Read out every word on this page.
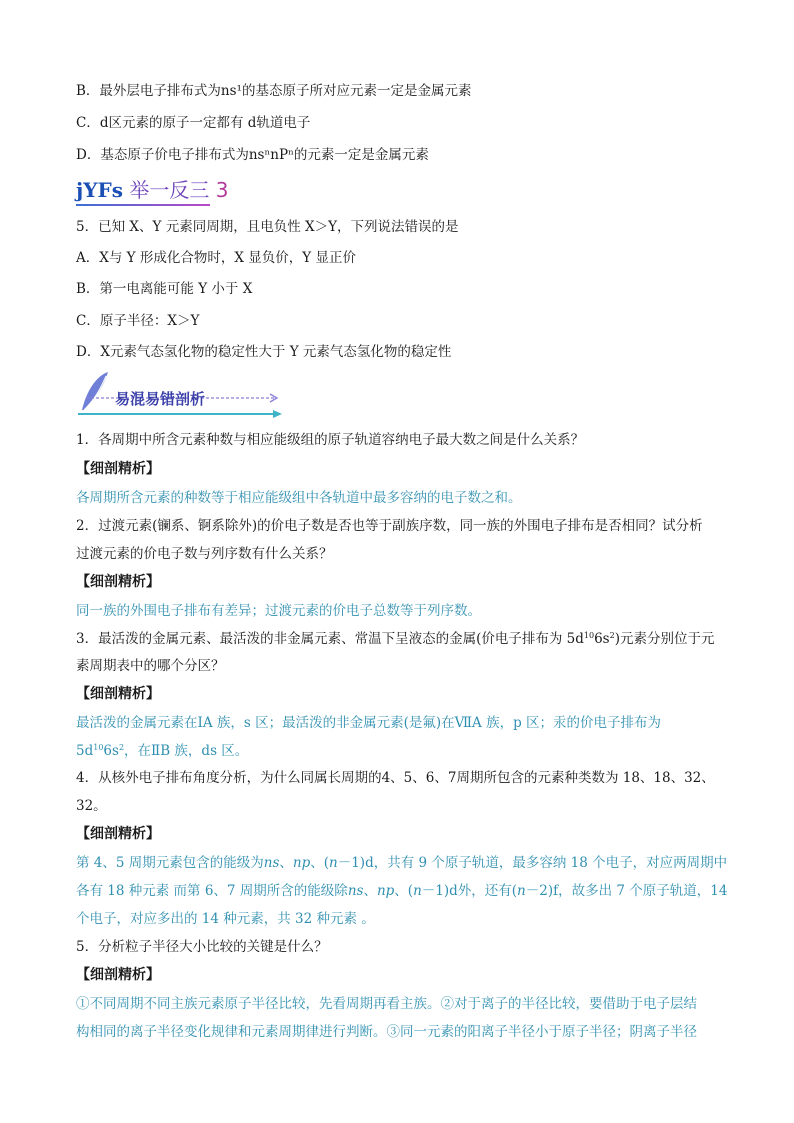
B．最外层电子排布式为ns¹的基态原子所对应元素一定是金属元素
C．d区元素的原子一定都有 d轨道电子
D．基态原子价电子排布式为nsⁿnPⁿ的元素一定是金属元素
jYFs 举一反三 3
5．已知 X、Y 元素同周期，且电负性 X＞Y，下列说法错误的是
A．X与 Y 形成化合物时，X 显负价，Y 显正价
B．第一电离能可能 Y 小于 X
C．原子半径：X＞Y
D．X元素气态氢化物的稳定性大于 Y 元素气态氢化物的稳定性
易混易错剖析
1．各周期中所含元素种数与相应能级组的原子轨道容纳电子最大数之间是什么关系？
【细剖精析】
各周期所含元素的种数等于相应能级组中各轨道中最多容纳的电子数之和。
2．过渡元素(镧系、锕系除外)的价电子数是否也等于副族序数，同一族的外围电子排布是否相同？试分析
过渡元素的价电子数与列序数有什么关系？
【细剖精析】
同一族的外围电子排布有差异；过渡元素的价电子总数等于列序数。
3．最活泼的金属元素、最活泼的非金属元素、常温下呈液态的金属(价电子排布为 $5d^{10}6s^2$)元素分别位于元
素周期表中的哪个分区？
【细剖精析】
最活泼的金属元素在ⅠA 族，s 区；最活泼的非金属元素(是氟)在ⅦA 族，p 区；汞的价电子排布为
$5d^{10}6s^2$，在ⅡB 族，ds 区。
4．从核外电子排布角度分析，为什么同属长周期的4、5、6、7周期所包含的元素种类数为 18、18、32、
32。
【细剖精析】
第 4、5 周期元素包含的能级为ns、np、(n－1)d，共有 9 个原子轨道，最多容纳 18 个电子，对应两周期中
各有 18 种元素 而第 6、7 周期所含的能级除ns、np、(n－1)d外，还有(n－2)f，故多出 7 个原子轨道，14
个电子，对应多出的 14 种元素，共 32 种元素 。
5．分析粒子半径大小比较的关键是什么？
【细剖精析】
①不同周期不同主族元素原子半径比较，先看周期再看主族。②对于离子的半径比较，要借助于电子层结
构相同的离子半径变化规律和元素周期律进行判断。③同一元素的阳离子半径小于原子半径；阴离子半径
